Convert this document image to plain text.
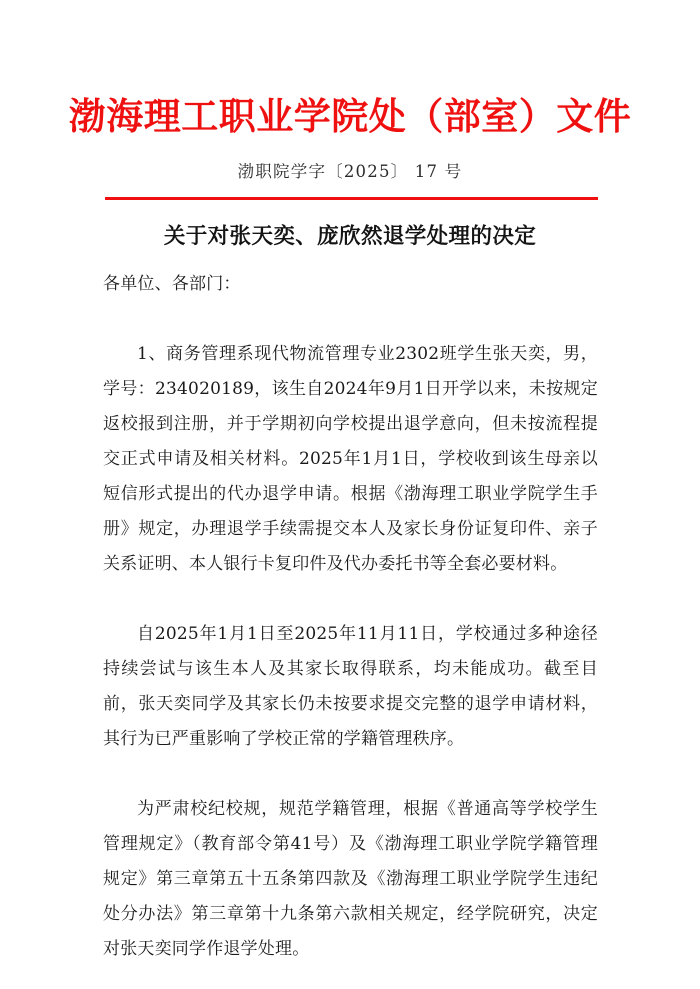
渤海理工职业学院处（部室）文件
渤职院学字〔2025〕 17 号
关于对张天奕、庞欣然退学处理的决定
各单位、各部门：

1、商务管理系现代物流管理专业2302班学生张天奕，男，学号：234020189，该生自2024年9月1日开学以来，未按规定返校报到注册，并于学期初向学校提出退学意向，但未按流程提交正式申请及相关材料。2025年1月1日，学校收到该生母亲以短信形式提出的代办退学申请。根据《渤海理工职业学院学生手册》规定，办理退学手续需提交本人及家长身份证复印件、亲子关系证明、本人银行卡复印件及代办委托书等全套必要材料。

自2025年1月1日至2025年11月11日，学校通过多种途径持续尝试与该生本人及其家长取得联系，均未能成功。截至目前，张天奕同学及其家长仍未按要求提交完整的退学申请材料，其行为已严重影响了学校正常的学籍管理秩序。

为严肃校纪校规，规范学籍管理，根据《普通高等学校学生管理规定》（教育部令第41号）及《渤海理工职业学院学籍管理规定》第三章第五十五条第四款及《渤海理工职业学院学生违纪处分办法》第三章第十九条第六款相关规定，经学院研究，决定对张天奕同学作退学处理。
